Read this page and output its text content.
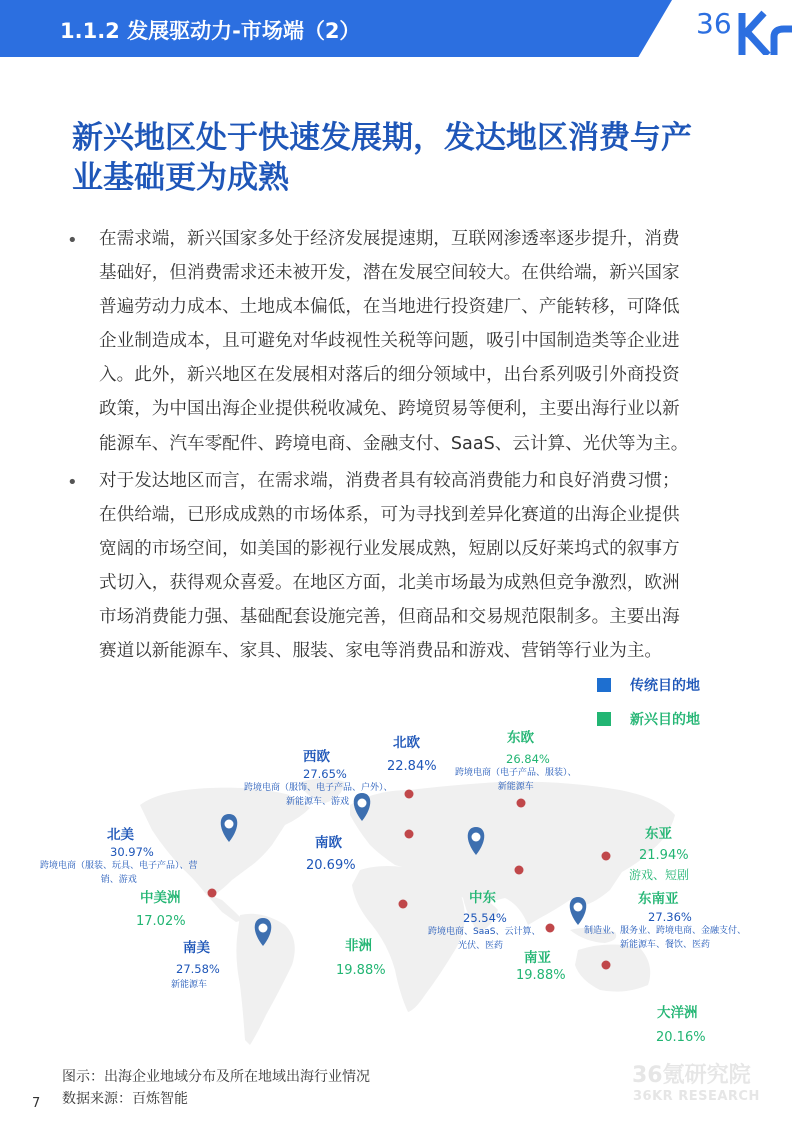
1.1.2 发展驱动力-市场端（2）	36
新兴地区处于快速发展期，发达地区消费与产
业基础更为成熟
• 在需求端，新兴国家多处于经济发展提速期，互联网渗透率逐步提升，消费
基础好，但消费需求还未被开发，潜在发展空间较大。在供给端，新兴国家
普遍劳动力成本、土地成本偏低，在当地进行投资建厂、产能转移，可降低
企业制造成本，且可避免对华歧视性关税等问题，吸引中国制造类等企业进
入。此外，新兴地区在发展相对落后的细分领域中，出台系列吸引外商投资
政策，为中国出海企业提供税收减免、跨境贸易等便利，主要出海行业以新
能源车、汽车零配件、跨境电商、金融支付、SaaS、云计算、光伏等为主。
• 对于发达地区而言，在需求端，消费者具有较高消费能力和良好消费习惯；
在供给端，已形成成熟的市场体系，可为寻找到差异化赛道的出海企业提供
宽阔的市场空间，如美国的影视行业发展成熟，短剧以反好莱坞式的叙事方
式切入，获得观众喜爱。在地区方面，北美市场最为成熟但竞争激烈，欧洲
市场消费能力强、基础配套设施完善，但商品和交易规范限制多。主要出海
赛道以新能源车、家具、服装、家电等消费品和游戏、营销等行业为主。
传统目的地
新兴目的地
西欧
27.65%
跨境电商（服饰、电子产品、户外）、
新能源车、游戏
北欧
22.84%
东欧
26.84%
跨境电商（电子产品、服装）、
新能源车
北美
30.97%
跨境电商（服装、玩具、电子产品）、营
销、游戏
南欧
20.69%
东亚
21.94%
游戏、短剧
中美洲
17.02%
中东
25.54%
跨境电商、SaaS、云计算、
光伏、医药
东南亚
27.36%
制造业、服务业、跨境电商、金融支付、
新能源车、餐饮、医药
南美
27.58%
新能源车
非洲
19.88%
南亚
19.88%
大洋洲
20.16%
图示：出海企业地域分布及所在地域出海行业情况
数据来源：百炼智能
7
36氪研究院
36KR RESEARCH
